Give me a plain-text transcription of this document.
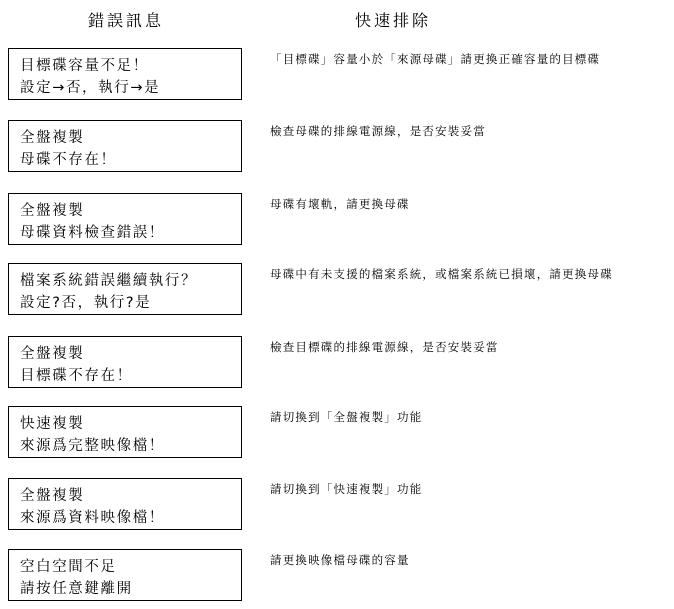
錯誤訊息	快速排除
目標碟容量不足！
設定→否，執行→是
「目標碟」容量小於「來源母碟」請更換正確容量的目標碟
全盤複製
母碟不存在！
檢查母碟的排線電源線，是否安裝妥當
全盤複製
母碟資料檢查錯誤！
母碟有壞軌，請更換母碟
檔案系統錯誤繼續執行？
設定?否，執行?是
母碟中有未支援的檔案系統，或檔案系統已損壞，請更換母碟
全盤複製
目標碟不存在！
檢查目標碟的排線電源線，是否安裝妥當
快速複製
來源爲完整映像檔！
請切換到「全盤複製」功能
全盤複製
來源爲資料映像檔！
請切換到「快速複製」功能
空白空間不足
請按任意鍵離開
請更換映像檔母碟的容量
